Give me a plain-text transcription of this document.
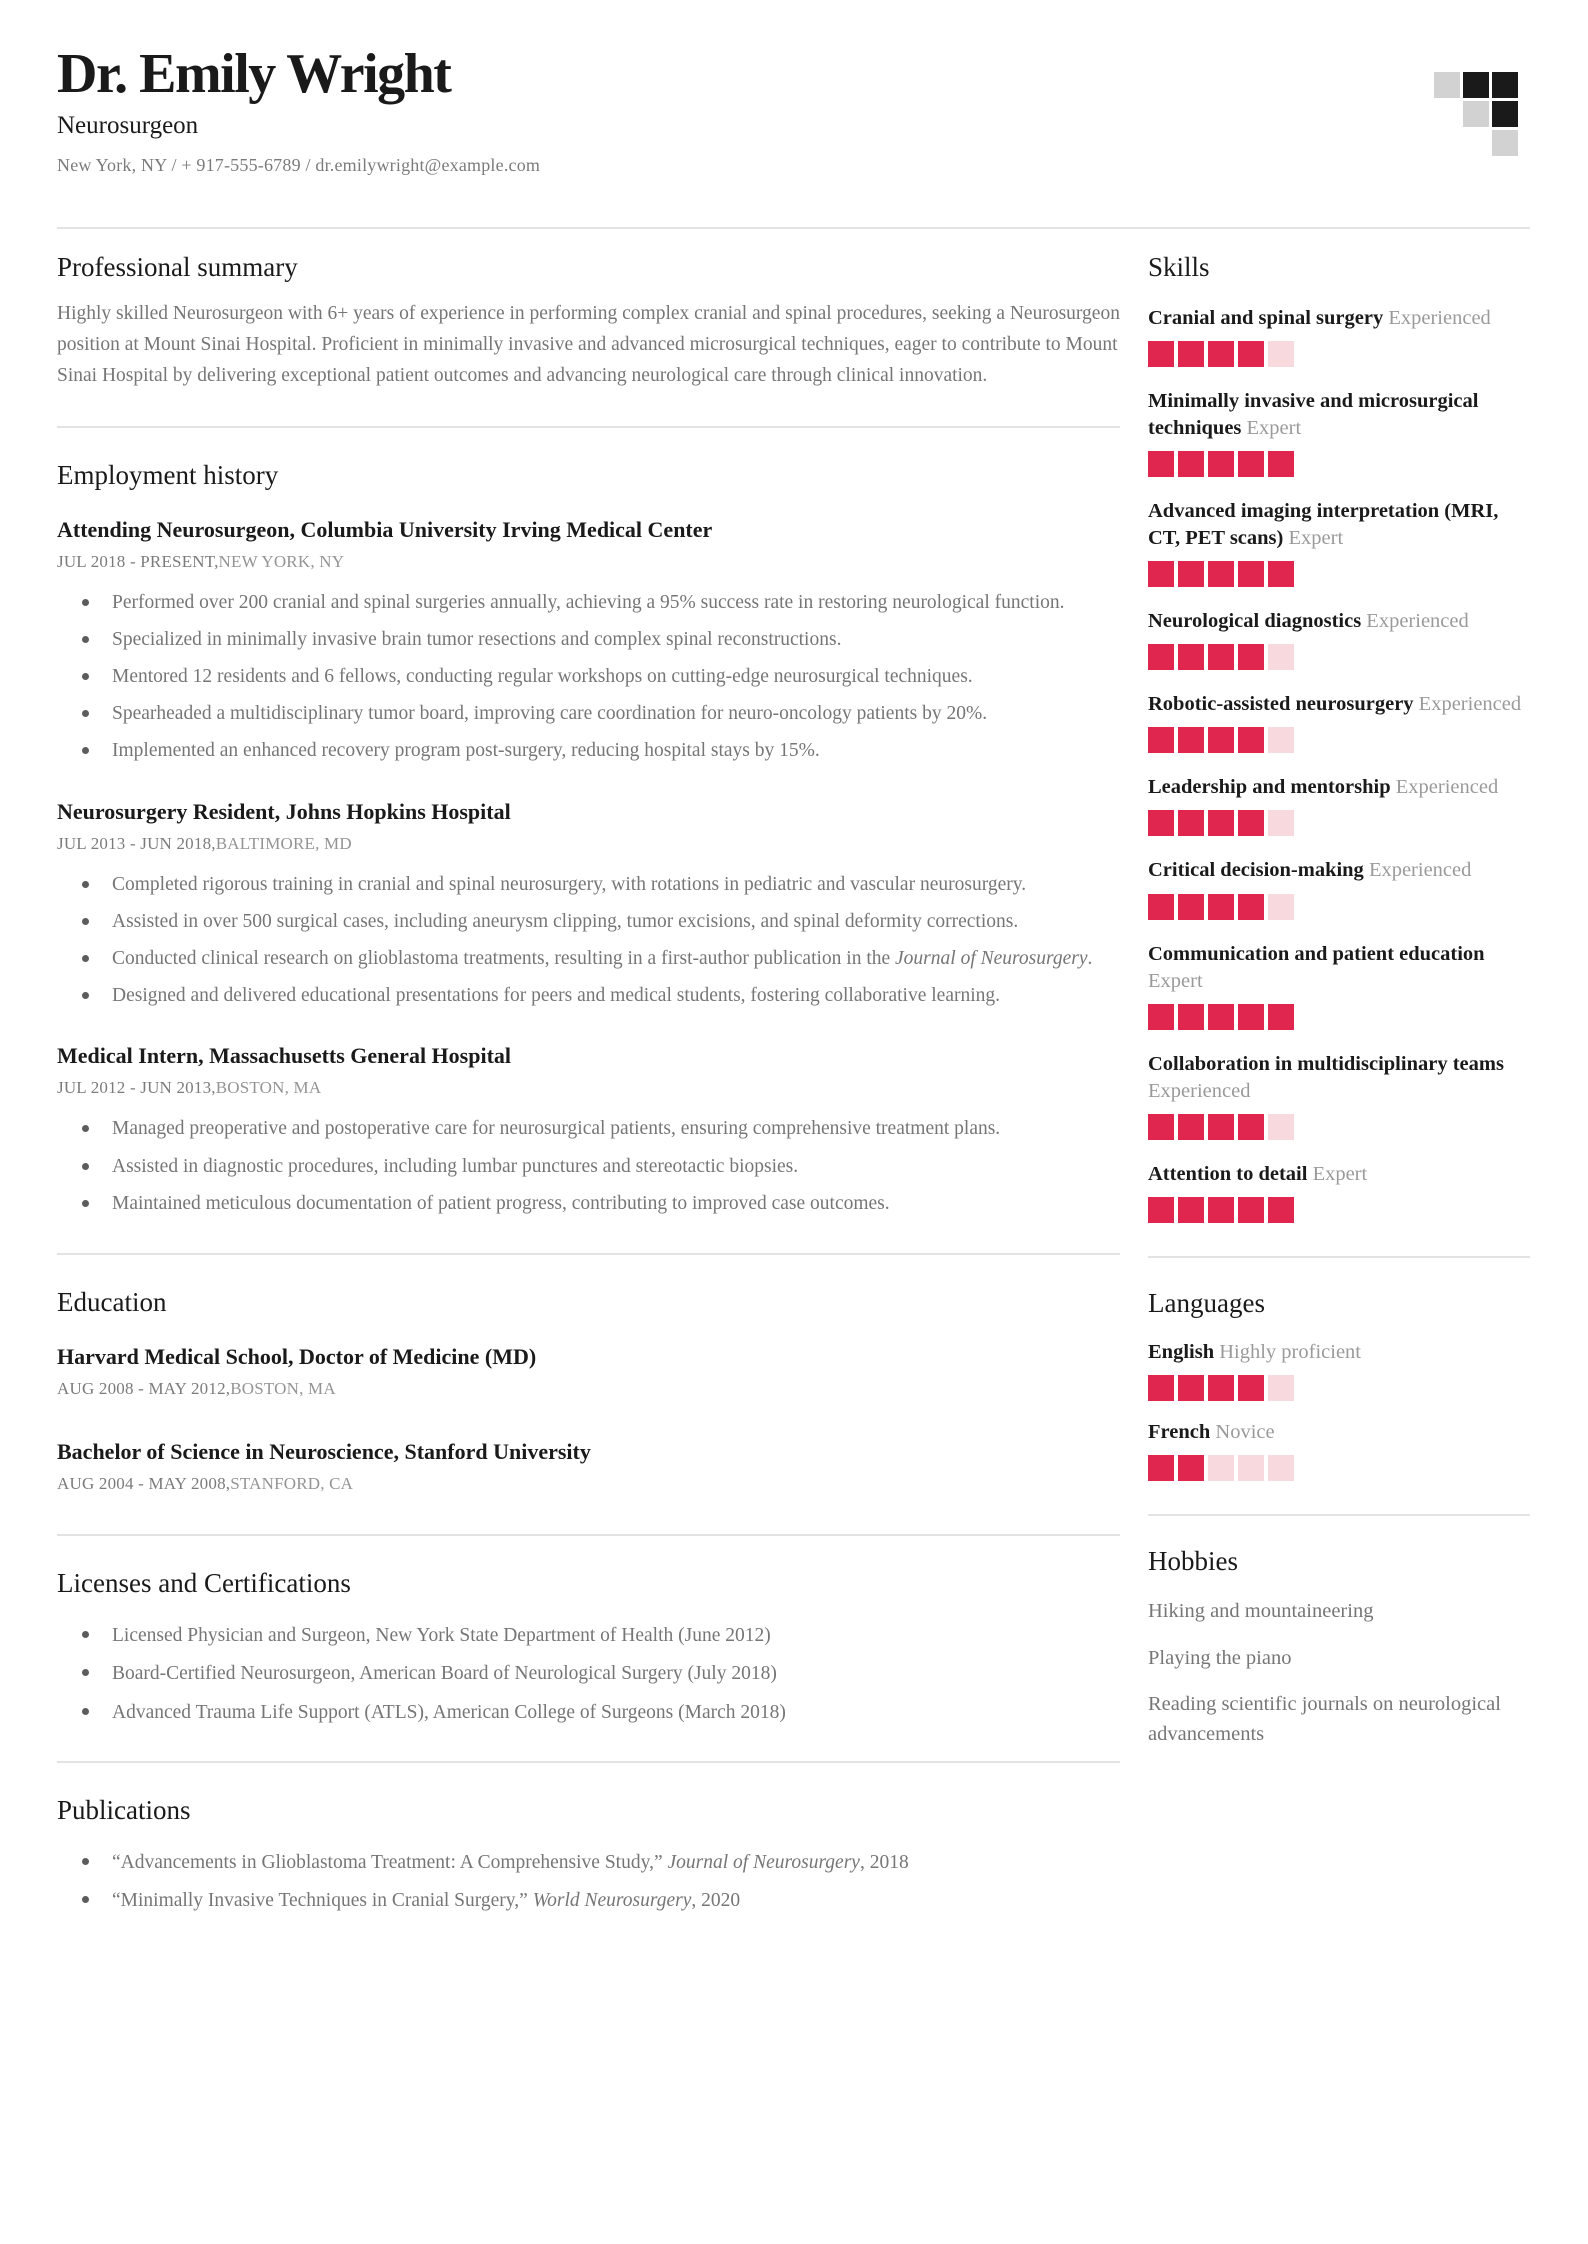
Dr. Emily Wright
Neurosurgeon
New York, NY / + 917-555-6789 / dr.emilywright@example.com
Professional summary

Highly skilled Neurosurgeon with 6+ years of experience in performing complex cranial and spinal procedures, seeking a Neurosurgeon position at Mount Sinai Hospital. Proficient in minimally invasive and advanced microsurgical techniques, eager to contribute to Mount Sinai Hospital by delivering exceptional patient outcomes and advancing neurological care through clinical innovation.

Employment history
Attending Neurosurgeon, Columbia University Irving Medical Center
JUL 2018 - PRESENT,NEW YORK, NY
Performed over 200 cranial and spinal surgeries annually, achieving a 95% success rate in restoring neurological function.
Specialized in minimally invasive brain tumor resections and complex spinal reconstructions.
Mentored 12 residents and 6 fellows, conducting regular workshops on cutting-edge neurosurgical techniques.
Spearheaded a multidisciplinary tumor board, improving care coordination for neuro-oncology patients by 20%.
Implemented an enhanced recovery program post-surgery, reducing hospital stays by 15%.
Neurosurgery Resident, Johns Hopkins Hospital
JUL 2013 - JUN 2018,BALTIMORE, MD
Completed rigorous training in cranial and spinal neurosurgery, with rotations in pediatric and vascular neurosurgery.
Assisted in over 500 surgical cases, including aneurysm clipping, tumor excisions, and spinal deformity corrections.
Conducted clinical research on glioblastoma treatments, resulting in a first-author publication in the Journal of Neurosurgery.
Designed and delivered educational presentations for peers and medical students, fostering collaborative learning.
Medical Intern, Massachusetts General Hospital
JUL 2012 - JUN 2013,BOSTON, MA
Managed preoperative and postoperative care for neurosurgical patients, ensuring comprehensive treatment plans.
Assisted in diagnostic procedures, including lumbar punctures and stereotactic biopsies.
Maintained meticulous documentation of patient progress, contributing to improved case outcomes.
Education
Harvard Medical School, Doctor of Medicine (MD)
AUG 2008 - MAY 2012,BOSTON, MA
Bachelor of Science in Neuroscience, Stanford University
AUG 2004 - MAY 2008,STANFORD, CA
Licenses and Certifications
Licensed Physician and Surgeon, New York State Department of Health (June 2012)
Board-Certified Neurosurgeon, American Board of Neurological Surgery (July 2018)
Advanced Trauma Life Support (ATLS), American College of Surgeons (March 2018)
Publications
“Advancements in Glioblastoma Treatment: A Comprehensive Study,” Journal of Neurosurgery, 2018
“Minimally Invasive Techniques in Cranial Surgery,” World Neurosurgery, 2020
Skills
Cranial and spinal surgery Experienced
Minimally invasive and microsurgical techniques Expert
Advanced imaging interpretation (MRI, CT, PET scans) Expert
Neurological diagnostics Experienced
Robotic-assisted neurosurgery Experienced
Leadership and mentorship Experienced
Critical decision-making Experienced
Communication and patient education Expert
Collaboration in multidisciplinary teams Experienced
Attention to detail Expert
Languages
English Highly proficient
French Novice
Hobbies
Hiking and mountaineering
Playing the piano
Reading scientific journals on neurological advancements
